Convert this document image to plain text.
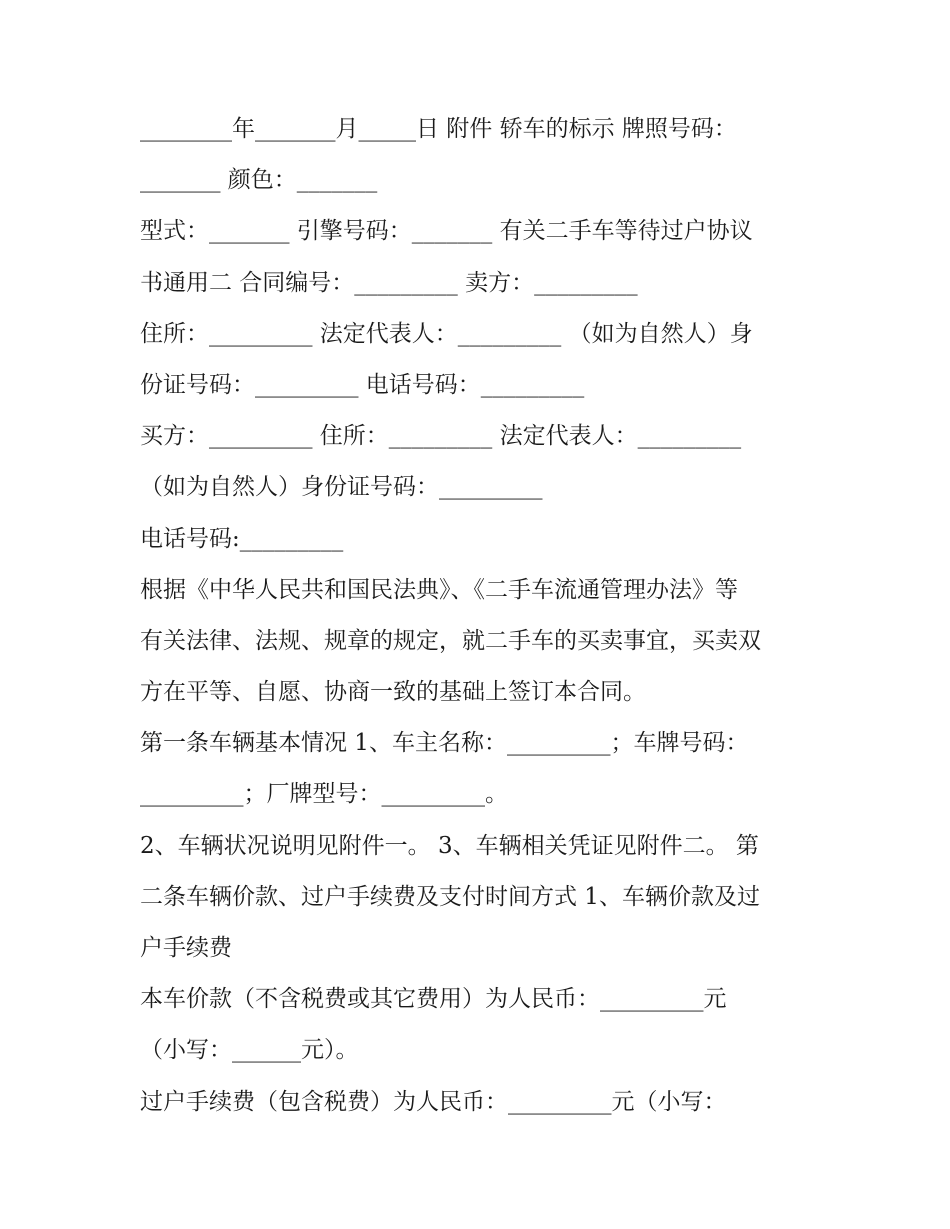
________年_______月_____日 附件 轿车的标示 牌照号码：
_______ 颜色：_______
型式：_______ 引擎号码：_______ 有关二手车等待过户协议
书通用二 合同编号：_________ 卖方：_________
住所：_________ 法定代表人：_________ （如为自然人）身
份证号码：_________ 电话号码：_________
买方：_________ 住所：_________ 法定代表人：_________
（如为自然人）身份证号码：_________
电话号码:_________
根据《中华人民共和国民法典》、《二手车流通管理办法》等
有关法律、法规、规章的规定，就二手车的买卖事宜，买卖双
方在平等、自愿、协商一致的基础上签订本合同。
第一条车辆基本情况 1、车主名称：_________；车牌号码：
_________；厂牌型号：_________。
2、车辆状况说明见附件一。 3、车辆相关凭证见附件二。 第
二条车辆价款、过户手续费及支付时间方式 1、车辆价款及过
户手续费
本车价款（不含税费或其它费用）为人民币：_________元
（小写：______元）。
过户手续费（包含税费）为人民币：_________元（小写：
